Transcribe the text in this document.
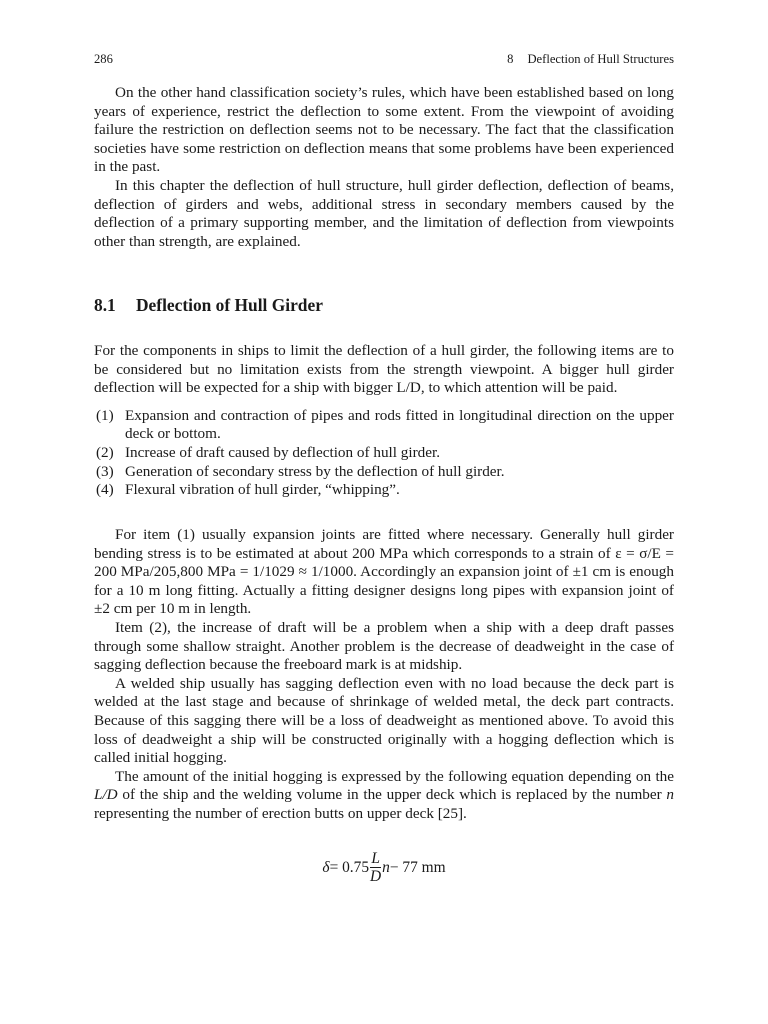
286	8 Deflection of Hull Structures

On the other hand classification society’s rules, which have been established based on long years of experience, restrict the deflection to some extent. From the viewpoint of avoiding failure the restriction on deflection seems not to be necessary. The fact that the classification societies have some restriction on deflection means that some problems have been experienced in the past.

In this chapter the deflection of hull structure, hull girder deflection, deflection of beams, deflection of girders and webs, additional stress in secondary members caused by the deflection of a primary supporting member, and the limitation of deflection from viewpoints other than strength, are explained.

8.1 Deflection of Hull Girder

For the components in ships to limit the deflection of a hull girder, the following items are to be considered but no limitation exists from the strength viewpoint. A bigger hull girder deflection will be expected for a ship with bigger L/D, to which attention will be paid.

(1) Expansion and contraction of pipes and rods fitted in longitudinal direction on the upper deck or bottom.
(2) Increase of draft caused by deflection of hull girder.
(3) Generation of secondary stress by the deflection of hull girder.
(4) Flexural vibration of hull girder, “whipping”.

For item (1) usually expansion joints are fitted where necessary. Generally hull girder bending stress is to be estimated at about 200 MPa which corresponds to a strain of ε = σ/E = 200 MPa/205,800 MPa = 1/1029 ≈ 1/1000. Accordingly an expansion joint of ±1 cm is enough for a 10 m long fitting. Actually a fitting designer designs long pipes with expansion joint of ±2 cm per 10 m in length.

Item (2), the increase of draft will be a problem when a ship with a deep draft passes through some shallow straight. Another problem is the decrease of deadweight in the case of sagging deflection because the freeboard mark is at midship.

A welded ship usually has sagging deflection even with no load because the deck part is welded at the last stage and because of shrinkage of welded metal, the deck part contracts. Because of this sagging there will be a loss of deadweight as mentioned above. To avoid this loss of deadweight a ship will be constructed originally with a hogging deflection which is called initial hogging.

The amount of the initial hogging is expressed by the following equation depending on the L/D of the ship and the welding volume in the upper deck which is replaced by the number n representing the number of erection butts on upper deck [25].

$\delta = 0.75 \frac{L}{D}$ n − 77 mm
